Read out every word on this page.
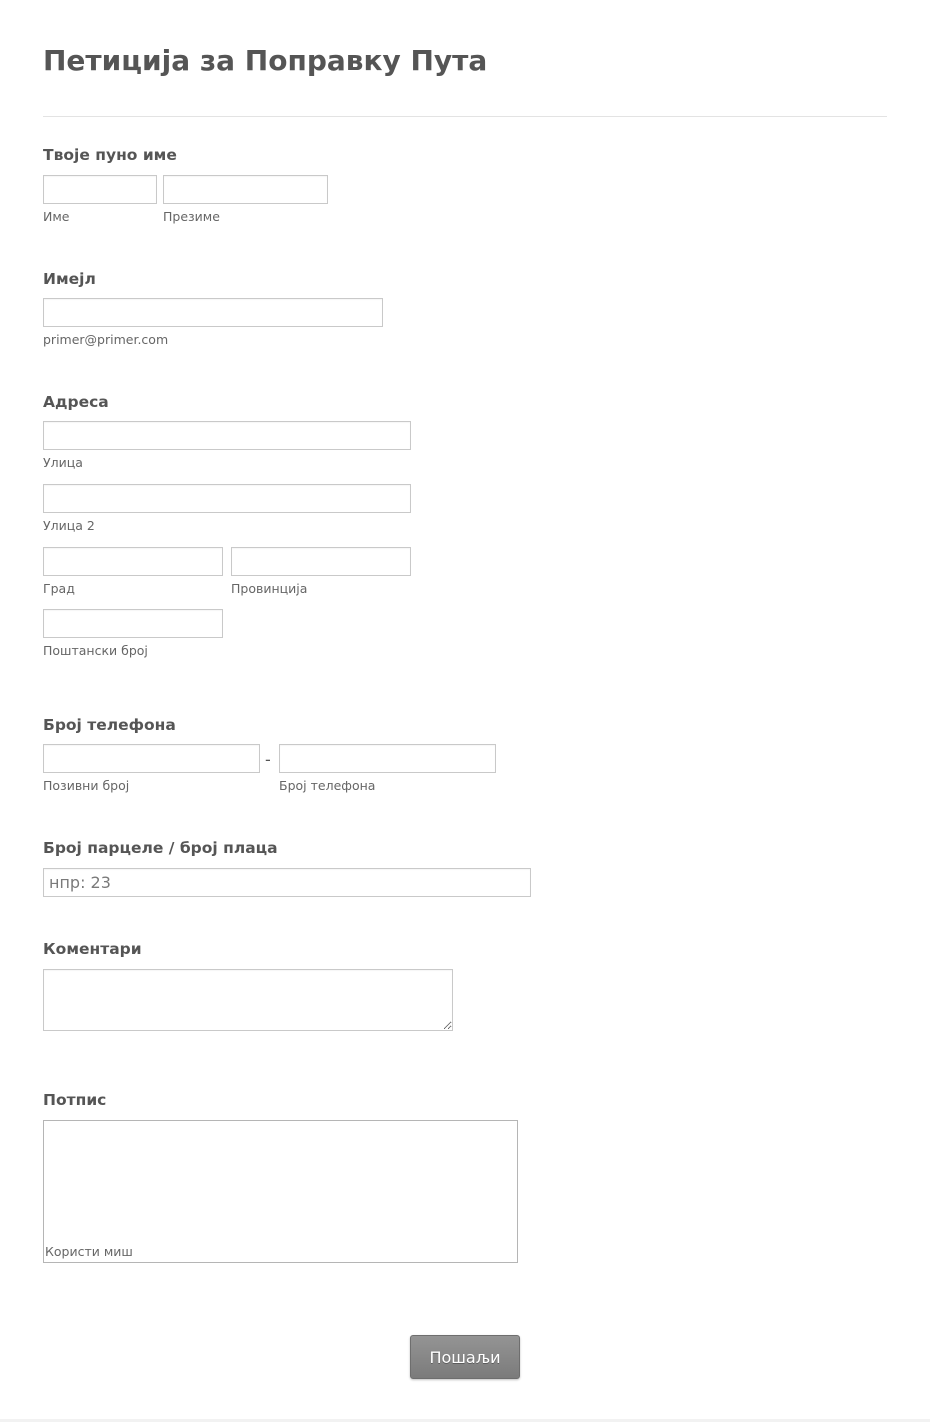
Петиција за Поправку Пута
Твоје пуно име
Име	Презиме
Имејл
primer@primer.com
Адреса
Улица
Улица 2
Град	Провинција
Поштански број
Број телефона
-
Позивни број	Број телефона
Број парцеле / број плаца
нпр: 23
Коментари
Потпис
Користи миш
Пошаљи
